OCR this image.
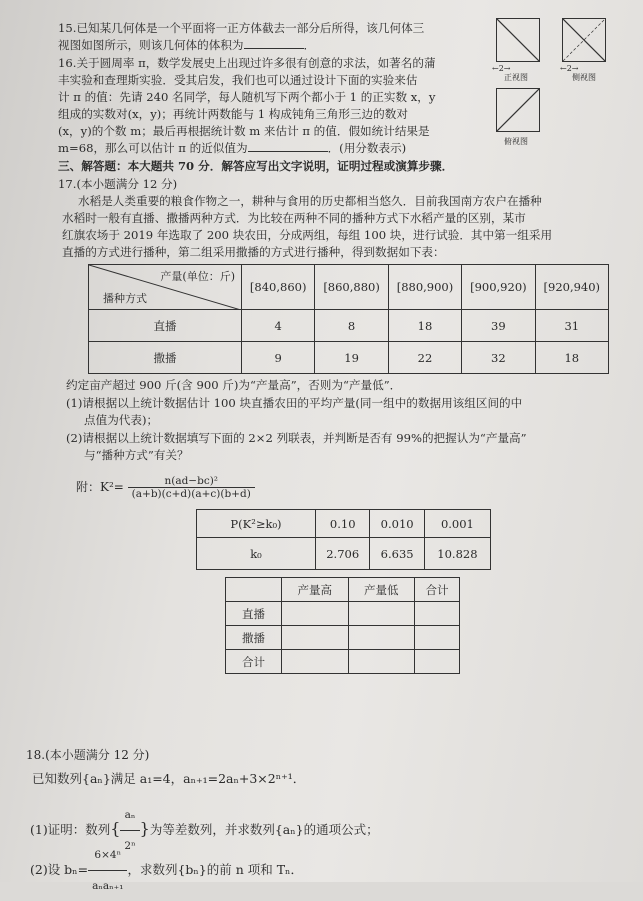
15.已知某几何体是一个平面将一正方体截去一部分后所得，该几何体三
视图如图所示，则该几何体的体积为	．
16.关于圆周率 π，数学发展史上出现过许多很有创意的求法，如著名的蒲
丰实验和查理斯实验．受其启发，我们也可以通过设计下面的实验来估
计 π 的值：先请 240 名同学，每人随机写下两个都小于 1 的正实数 x，y
组成的实数对(x，y)；再统计两数能与 1 构成钝角三角形三边的数对
(x，y)的个数 m；最后再根据统计数 m 来估计 π 的值．假如统计结果是
m=68，那么可以估计 π 的近似值为	．(用分数表示)
←2→	←2→
正视图	侧视图
俯视图
三、解答题：本大题共 70 分．解答应写出文字说明，证明过程或演算步骤．
17.(本小题满分 12 分)
水稻是人类重要的粮食作物之一，耕种与食用的历史都相当悠久．目前我国南方农户在播种
水稻时一般有直播、撒播两种方式．为比较在两种不同的播种方式下水稻产量的区别，某市
红旗农场于 2019 年选取了 200 块农田，分成两组，每组 100 块，进行试验．其中第一组采用
直播的方式进行播种，第二组采用撒播的方式进行播种，得到数据如下表：
产量(单位：斤)
播种方式	[840,860)	[860,880)	[880,900)	[900,920)	[920,940)
直播	4	8	18	39	31
撒播	9	19	22	32	18
约定亩产超过 900 斤(含 900 斤)为“产量高”，否则为“产量低”．
(1)请根据以上统计数据估计 100 块直播农田的平均产量(同一组中的数据用该组区间的中
点值为代表)；
(2)请根据以上统计数据填写下面的 2×2 列联表，并判断是否有 99%的把握认为“产量高”
与“播种方式”有关？
附：$K^2= \frac{\text{n(ad−bc)²}}{(a+b)(c+d)(a+c)(b+d)}$
P(K²≥k₀)	0.10	0.010	0.001
k₀	2.706	6.635	10.828
	产量高	产量低	合计
直播			
撒播			
合计			
18.(本小题满分 12 分)
已知数列{aₙ}满足 a₁=4，aₙ₊₁=2aₙ+3×2ⁿ⁺¹．
(1)证明：数列{ $\frac{\text{aₙ}}{\text{2ⁿ}}$ }为等差数列，并求数列{aₙ}的通项公式；
(2)设 $b_n= \frac{\text{6×4ⁿ}}{\text{aₙaₙ₊₁}}$ ，求数列{bₙ}的前 n 项和 Tₙ．
